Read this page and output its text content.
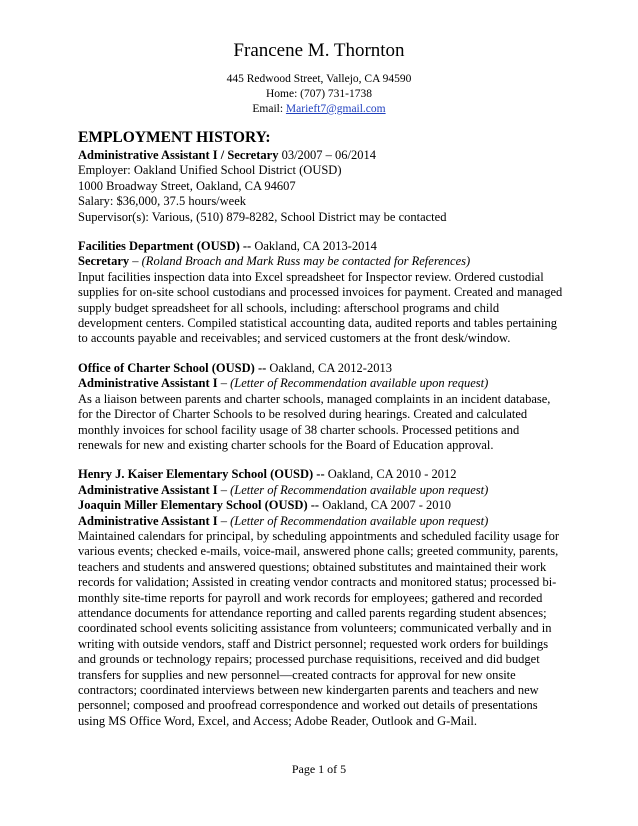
Francene M. Thornton
445 Redwood Street, Vallejo, CA 94590
Home: (707) 731-1738
Email: Marieft7@gmail.com
EMPLOYMENT HISTORY:
Administrative Assistant I / Secretary 03/2007 – 06/2014
Employer: Oakland Unified School District (OUSD)
1000 Broadway Street, Oakland, CA 94607
Salary: $36,000, 37.5 hours/week
Supervisor(s): Various, (510) 879-8282, School District may be contacted
Facilities Department (OUSD) -- Oakland, CA 2013-2014
Secretary – (Roland Broach and Mark Russ may be contacted for References)
Input facilities inspection data into Excel spreadsheet for Inspector review. Ordered custodial
supplies for on-site school custodians and processed invoices for payment. Created and managed
supply budget spreadsheet for all schools, including: afterschool programs and child
development centers. Compiled statistical accounting data, audited reports and tables pertaining
to accounts payable and receivables; and serviced customers at the front desk/window.
Office of Charter School (OUSD) -- Oakland, CA 2012-2013
Administrative Assistant I – (Letter of Recommendation available upon request)
As a liaison between parents and charter schools, managed complaints in an incident database,
for the Director of Charter Schools to be resolved during hearings. Created and calculated
monthly invoices for school facility usage of 38 charter schools. Processed petitions and
renewals for new and existing charter schools for the Board of Education approval.
Henry J. Kaiser Elementary School (OUSD) -- Oakland, CA 2010 - 2012
Administrative Assistant I – (Letter of Recommendation available upon request)
Joaquin Miller Elementary School (OUSD) -- Oakland, CA 2007 - 2010
Administrative Assistant I – (Letter of Recommendation available upon request)
Maintained calendars for principal, by scheduling appointments and scheduled facility usage for
various events; checked e-mails, voice-mail, answered phone calls; greeted community, parents,
teachers and students and answered questions; obtained substitutes and maintained their work
records for validation; Assisted in creating vendor contracts and monitored status; processed bi-
monthly site-time reports for payroll and work records for employees; gathered and recorded
attendance documents for attendance reporting and called parents regarding student absences;
coordinated school events soliciting assistance from volunteers; communicated verbally and in
writing with outside vendors, staff and District personnel; requested work orders for buildings
and grounds or technology repairs; processed purchase requisitions, received and did budget
transfers for supplies and new personnel—created contracts for approval for new onsite
contractors; coordinated interviews between new kindergarten parents and teachers and new
personnel; composed and proofread correspondence and worked out details of presentations
using MS Office Word, Excel, and Access; Adobe Reader, Outlook and G-Mail.
Page 1 of 5
